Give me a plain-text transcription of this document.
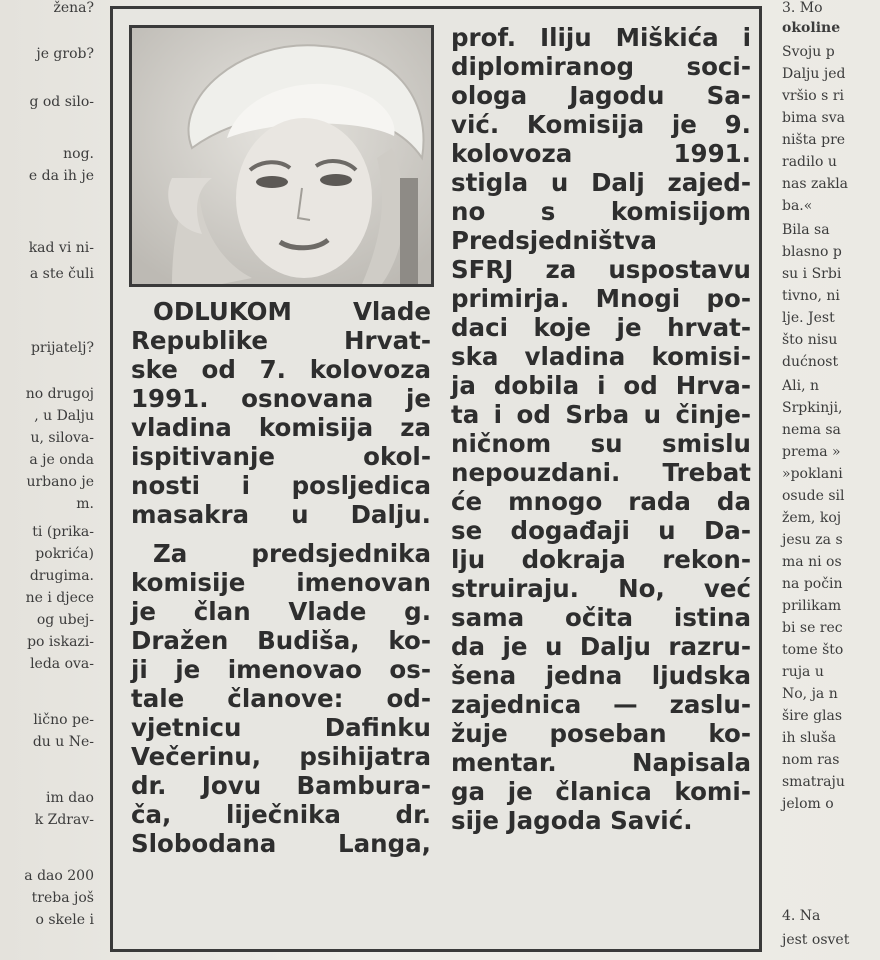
žena?
je grob?
g od silo-
nog.
e da ih je
kad vi ni-
a ste čuli
prijatelj?
no drugoj
, u Dalju
u, silova-
a je onda
urbano je
m.
ti (prika-
pokrića)
drugima.
ne i djece
og ubej-
po iskazi-
leda ova-
lično pe-
du u Ne-
im dao
k Zdrav-
a dao 200
treba još
o skele i
ODLUKOM Vlade
Republike Hrvat-
ske od 7. kolovoza
1991. osnovana je
vladina komisija za
ispitivanje okol-
nosti i posljedica
masakra u Dalju.
Za predsjednika
komisije imenovan
je član Vlade g.
Dražen Budiša, ko-
ji je imenovao os-
tale članove: od-
vjetnicu Dafinku
Večerinu, psihijatra
dr. Jovu Bambura-
ča, liječnika dr.
Slobodana Langa,
prof. Iliju Miškića i
diplomiranog soci-
ologa Jagodu Sa-
vić. Komisija je 9.
kolovoza 1991.
stigla u Dalj zajed-
no s komisijom
Predsjedništva
SFRJ za uspostavu
primirja. Mnogi po-
daci koje je hrvat-
ska vladina komisi-
ja dobila i od Hrva-
ta i od Srba u činje-
ničnom su smislu
nepouzdani. Trebat
će mnogo rada da
se događaji u Da-
lju dokraja rekon-
struiraju. No, već
sama očita istina
da je u Dalju razru-
šena jedna ljudska
zajednica — zaslu-
žuje poseban ko-
mentar. Napisala
ga je članica komi-
sije Jagoda Savić.
3. Mo
okoline
Svoju p
Dalju jed
vršio s ri
bima sva
ništa pre
radilo u
nas zakla
ba.«
Bila sa
blasno p
su i Srbi
tivno, ni
lje. Jest
što nisu
dućnost
Ali, n
Srpkinji,
nema sa
prema »
»poklani
osude sil
žem, koj
jesu za s
ma ni os
na počin
prilikam
bi se rec
tome što
ruja u
No, ja n
šire glas
ih sluša
nom ras
smatraju
jelom o
4. Na
jest osvet
